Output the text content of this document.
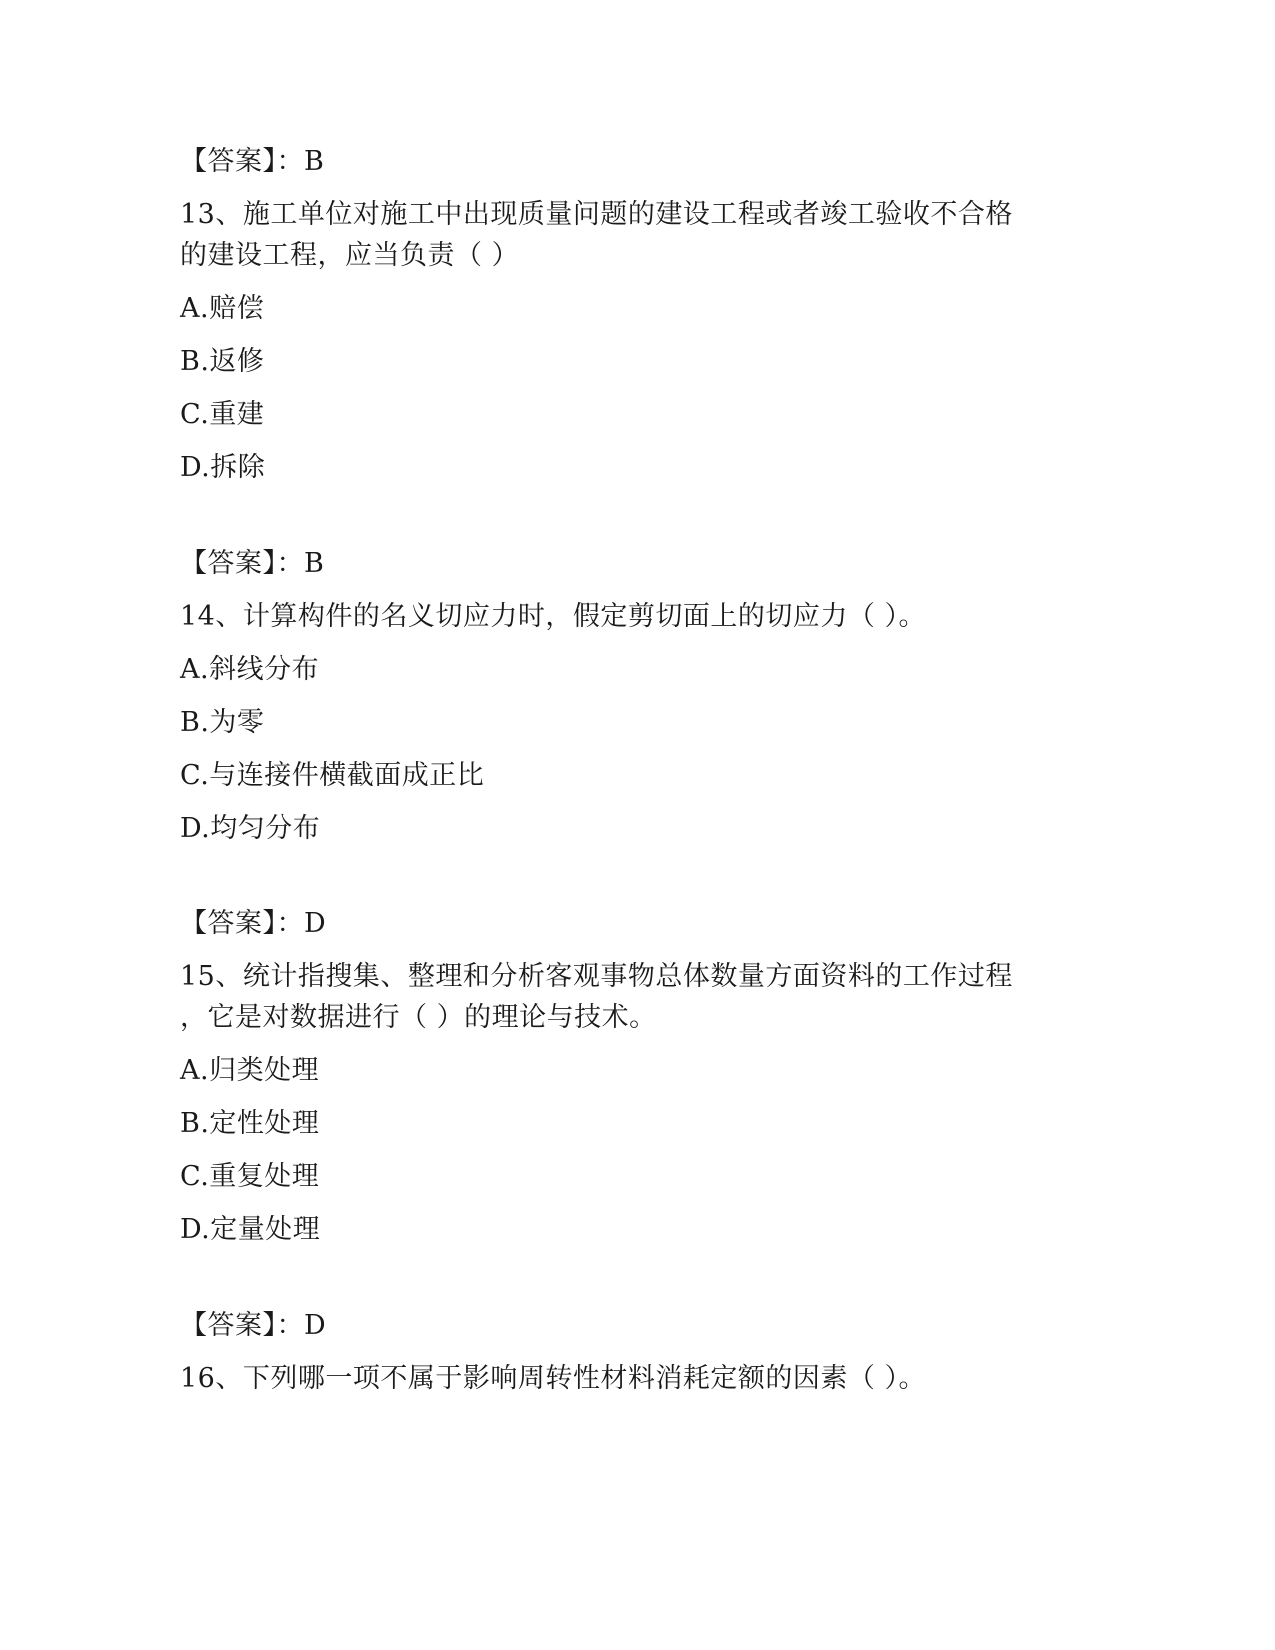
【答案】：B
13、施工单位对施工中出现质量问题的建设工程或者竣工验收不合格
的建设工程，应当负责（ ）
A.赔偿
B.返修
C.重建
D.拆除
【答案】：B
14、计算构件的名义切应力时，假定剪切面上的切应力（ ）。
A.斜线分布
B.为零
C.与连接件横截面成正比
D.均匀分布
【答案】：D
15、统计指搜集、整理和分析客观事物总体数量方面资料的工作过程
，它是对数据进行（ ）的理论与技术。
A.归类处理
B.定性处理
C.重复处理
D.定量处理
【答案】：D
16、下列哪一项不属于影响周转性材料消耗定额的因素（ ）。
